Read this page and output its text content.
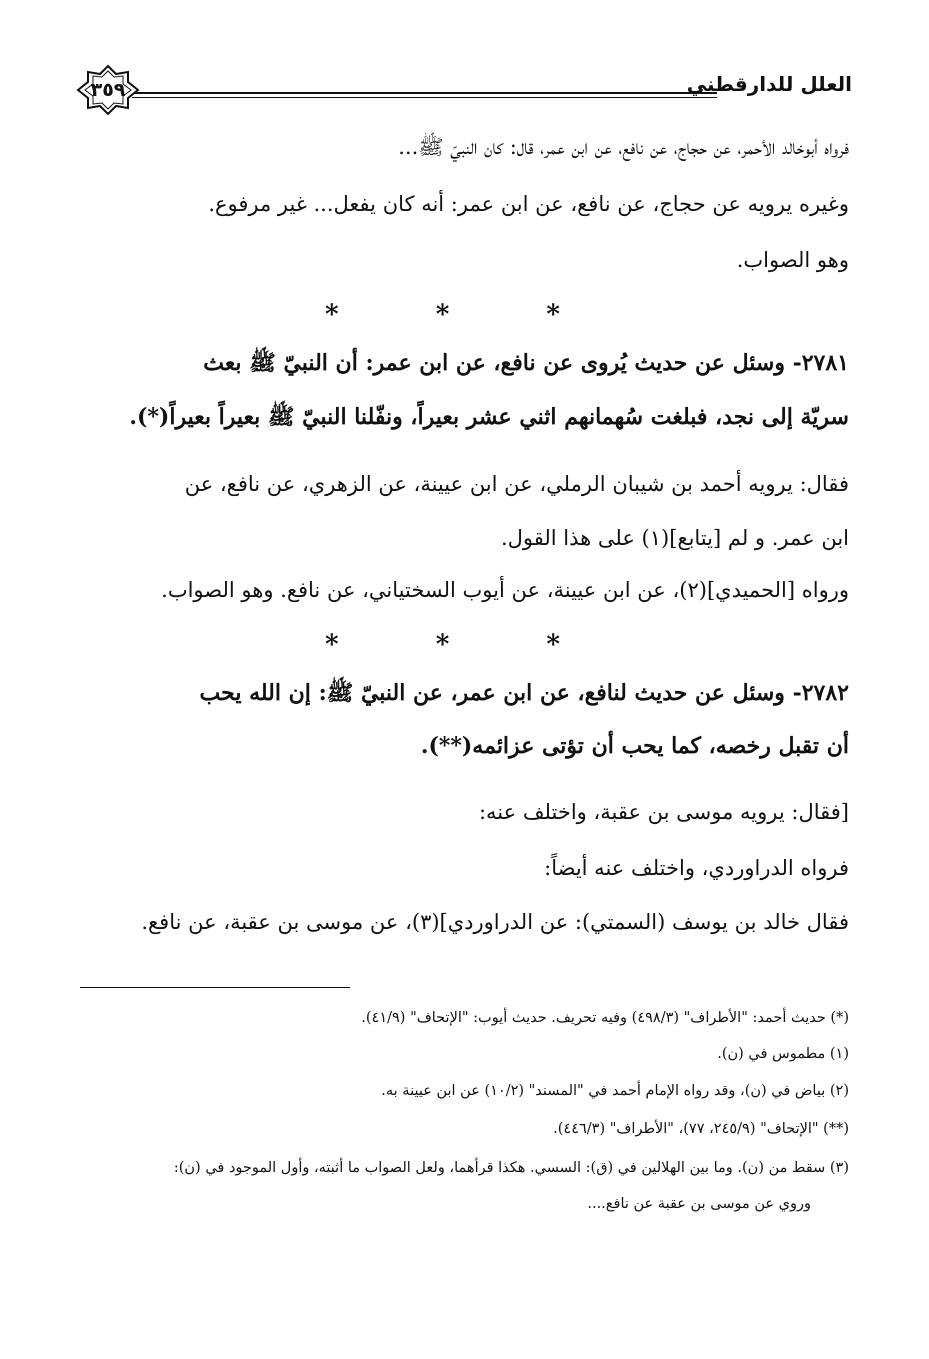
العلل للدارقطني
٣٥٩
فرواه أبوخالد الأحمر، عن حجاج، عن نافع، عن ابن عمر، قال: كان النبيّ ﷺ...
وغيره يرويه عن حجاج، عن نافع، عن ابن عمر: أنه كان يفعل... غير مرفوع.
وهو الصواب.
* * *
٢٧٨١- وسئل عن حديث يُروى عن نافع، عن ابن عمر: أن النبيّ ﷺ بعث
سريّة إلى نجد، فبلغت سُهمانهم اثني عشر بعيراً، ونفّلنا النبيّ ﷺ بعيراً بعيراً(*).
فقال: يرويه أحمد بن شيبان الرملي، عن ابن عيينة، عن الزهري، عن نافع، عن
ابن عمر. و لم [يتابع](١) على هذا القول.
ورواه [الحميدي](٢)، عن ابن عيينة، عن أيوب السختياني، عن نافع. وهو الصواب.
* * *
٢٧٨٢- وسئل عن حديث لنافع، عن ابن عمر، عن النبيّ ﷺ: إن الله يحب
أن تقبل رخصه، كما يحب أن تؤتى عزائمه(**).
[فقال: يرويه موسى بن عقبة، واختلف عنه:
فرواه الدراوردي، واختلف عنه أيضاً:
فقال خالد بن يوسف (السمتي): عن الدراوردي](٣)، عن موسى بن عقبة، عن نافع.
(*) حديث أحمد: "الأطراف" (٤٩٨/٣) وفيه تحريف. حديث أيوب: "الإتحاف" (٤١/٩).
(١) مطموس في (ن).
(٢) بياض في (ن)، وقد رواه الإمام أحمد في "المسند" (١٠/٢) عن ابن عيينة به.
(**) "الإتحاف" (٢٤٥/٩، ٧٧)، "الأطراف" (٤٤٦/٣).
(٣) سقط من (ن). وما بين الهلالين في (ق): السسي. هكذا قرأهما، ولعل الصواب ما أثبته، وأول الموجود في (ن):
وروي عن موسى بن عقبة عن نافع....
